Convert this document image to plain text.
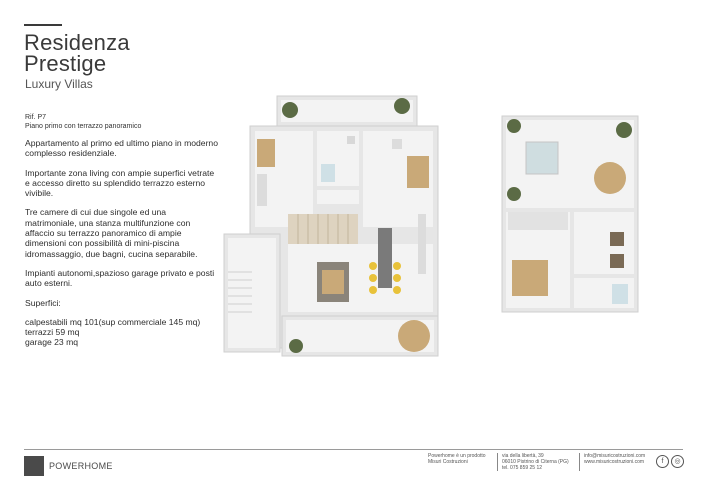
Residenza
Prestige
Luxury Villas
Rif. P7
Piano primo con terrazzo panoramico

Appartamento al primo ed ultimo piano in moderno complesso residenziale.

Importante zona living con ampie superfici vetrate e accesso diretto su splendido terrazzo esterno vivibile.

Tre camere di cui due singole ed una matrimoniale, una stanza multifunzione con affaccio su terrazzo panoramico di ampie dimensioni con possibilità di mini-piscina idromassaggio, due bagni, cucina separabile.

Impianti autonomi,spazioso garage privato e posti auto esterni.

Superfici:

calpestabili mq 101(sup commerciale 145 mq)

terrazzi 59 mq

garage 23 mq

POWERHOME
Powerhome è un prodotto
Misuri Costruzioni
via della libertà, 39
06010 Pistrino di Citerna (PG)
tel. 075 859 25 12
info@misuricostruzioni.com
www.misuricostruzioni.com	f	◎
